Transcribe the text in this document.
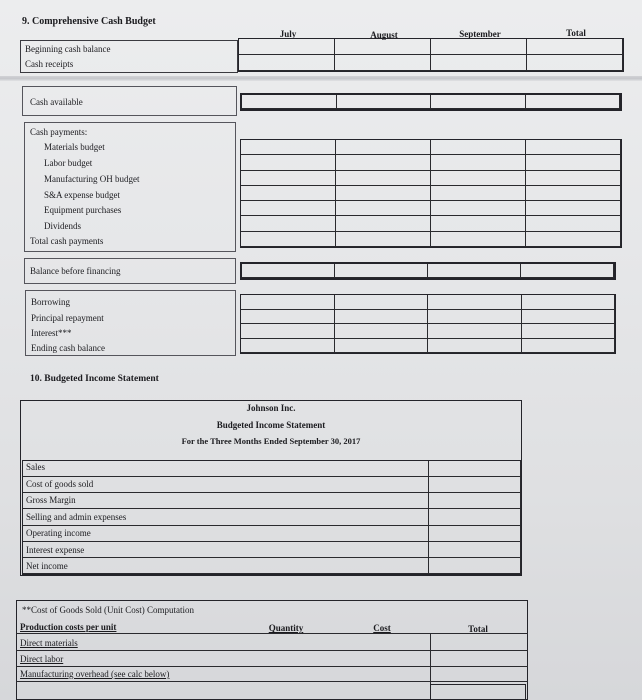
9. Comprehensive Cash Budget
July	August	September	Total
Beginning cash balance
Cash receipts
Cash available
Cash payments:
Materials budget
Labor budget
Manufacturing OH budget
S&A expense budget
Equipment purchases
Dividends
Total cash payments
Balance before financing
Borrowing
Principal repayment
Interest***
Ending cash balance
10. Budgeted Income Statement
Johnson Inc.
Budgeted Income Statement
For the Three Months Ended September 30, 2017
Sales
Cost of goods sold
Gross Margin
Selling and admin expenses
Operating income
Interest expense
Net income
**Cost of Goods Sold (Unit Cost) Computation
Production costs per unit	Quantity	Cost	Total
Direct materials
Direct labor
Manufacturing overhead (see calc below)
